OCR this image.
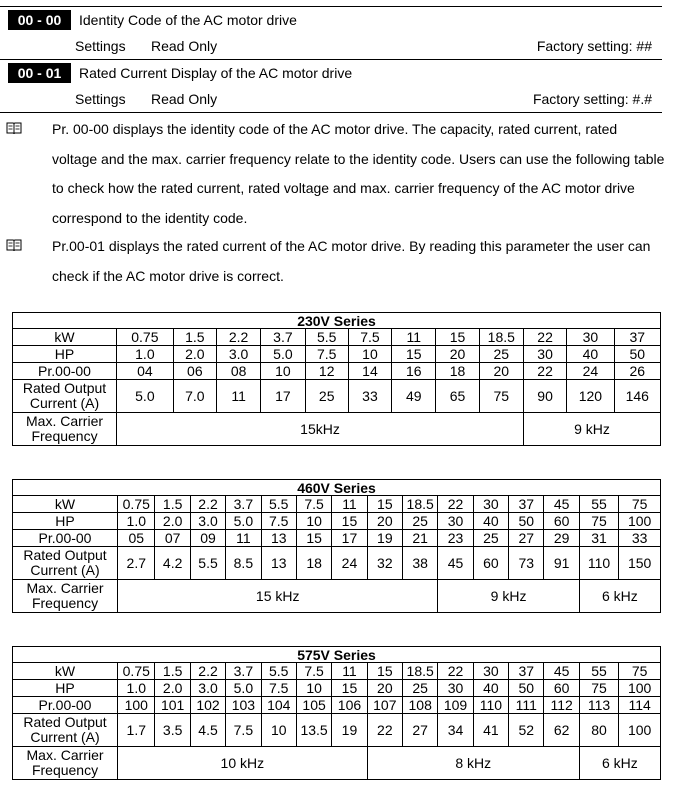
00 - 00	Identity Code of the AC motor drive
Settings Read Only	Factory setting: ##
00 - 01	Rated Current Display of the AC motor drive
Settings Read Only	Factory setting: #.#
Pr. 00-00 displays the identity code of the AC motor drive. The capacity, rated current, rated voltage and the max. carrier frequency relate to the identity code. Users can use the following table to check how the rated current, rated voltage and max. carrier frequency of the AC motor drive correspond to the identity code.
Pr.00-01 displays the rated current of the AC motor drive. By reading this parameter the user can check if the AC motor drive is correct.
230V Series												
kW	0.75	1.5	2.2	3.7	5.5	7.5	11	15	18.5	22	30	37
HP	1.0	2.0	3.0	5.0	7.5	10	15	20	25	30	40	50
Pr.00-00	04	06	08	10	12	14	16	18	20	22	24	26

Rated Output
Current (A)	5.0	7.0	11	17	25	33	49	65	75	90	120	146

Max. Carrier
Frequency	15kHz									9 kHz		
460V Series															
kW	0.75	1.5	2.2	3.7	5.5	7.5	11	15	18.5	22	30	37	45	55	75
HP	1.0	2.0	3.0	5.0	7.5	10	15	20	25	30	40	50	60	75	100
Pr.00-00	05	07	09	11	13	15	17	19	21	23	25	27	29	31	33

Rated Output
Current (A)	2.7	4.2	5.5	8.5	13	18	24	32	38	45	60	73	91	110	150

Max. Carrier
Frequency	15 kHz									9 kHz				6 kHz	
575V Series															
kW	0.75	1.5	2.2	3.7	5.5	7.5	11	15	18.5	22	30	37	45	55	75
HP	1.0	2.0	3.0	5.0	7.5	10	15	20	25	30	40	50	60	75	100
Pr.00-00	100	101	102	103	104	105	106	107	108	109	110	111	112	113	114

Rated Output
Current (A)	1.7	3.5	4.5	7.5	10	13.5	19	22	27	34	41	52	62	80	100

Max. Carrier
Frequency	10 kHz							8 kHz						6 kHz	
